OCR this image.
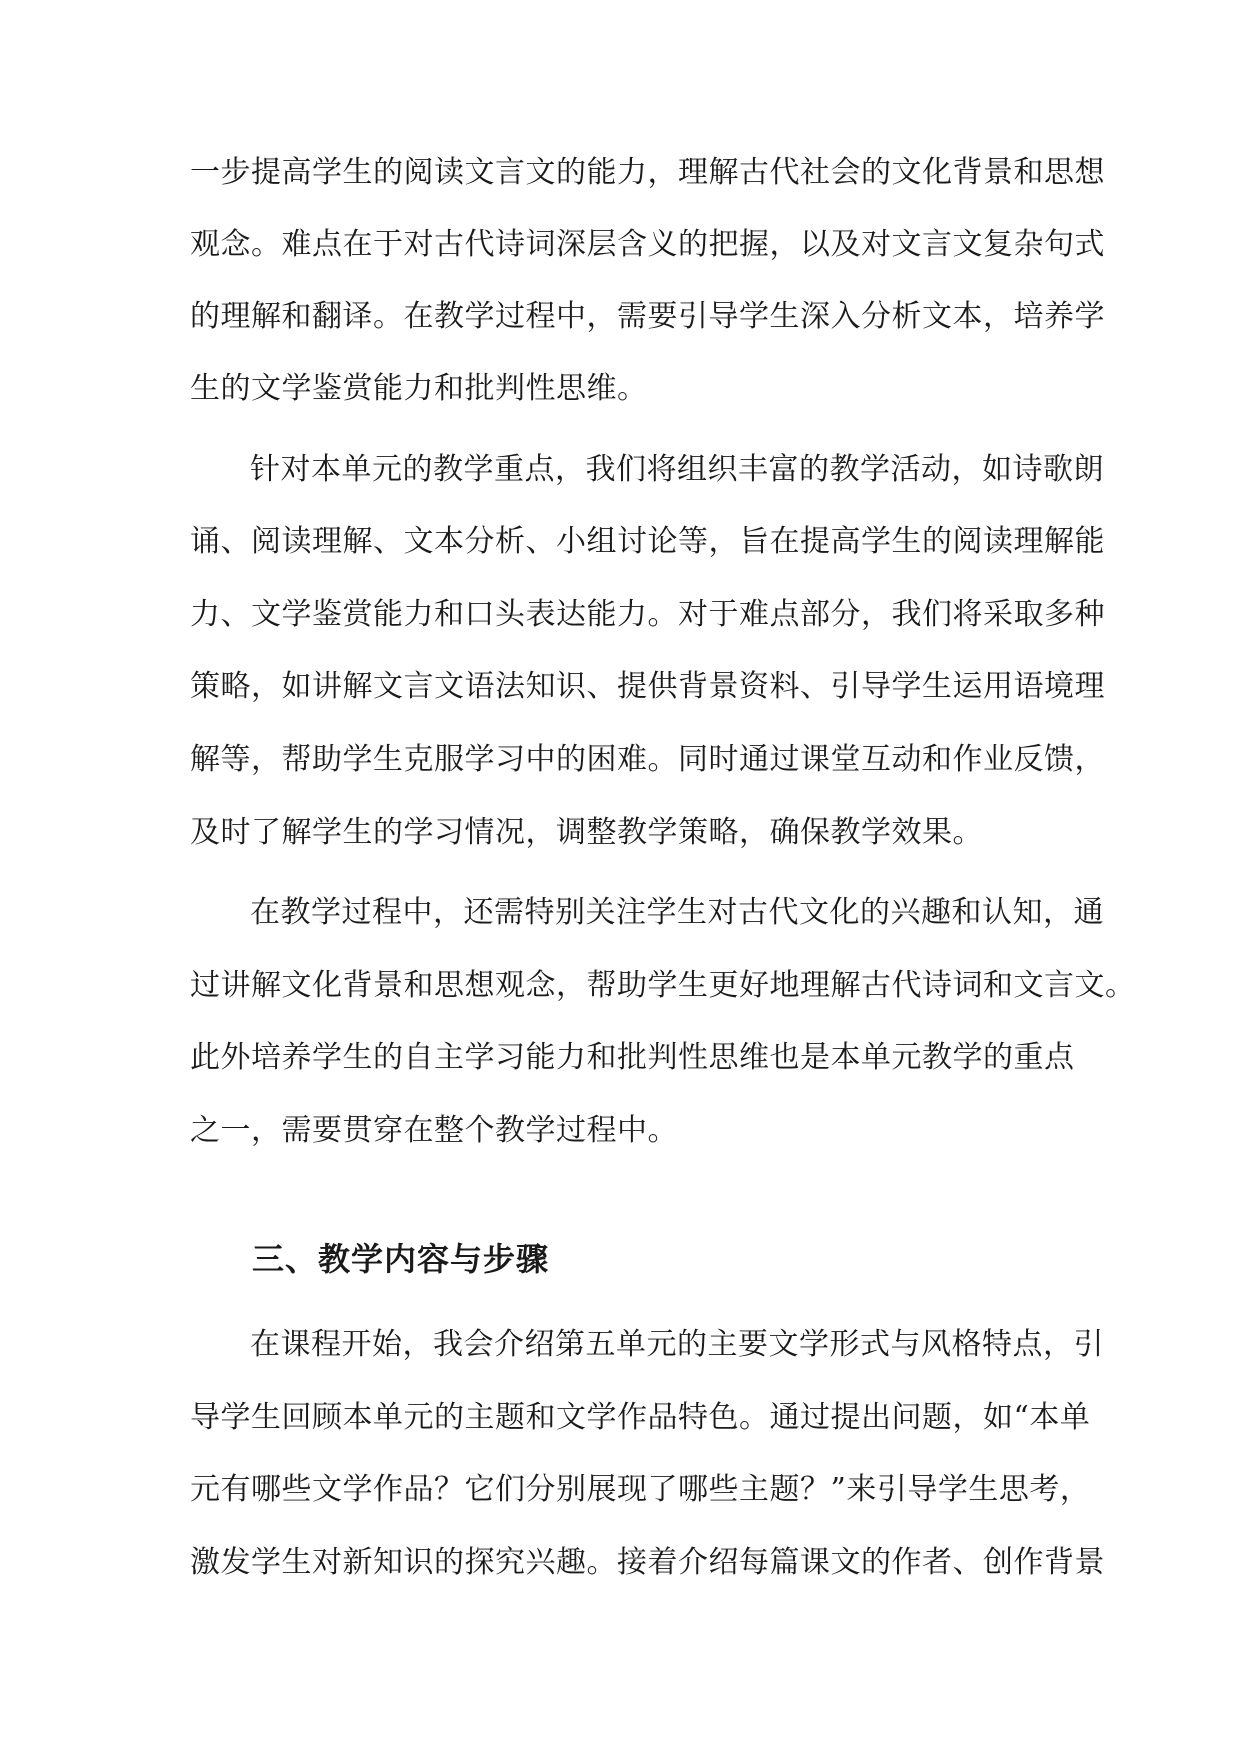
一步提高学生的阅读文言文的能力，理解古代社会的文化背景和思想
观念。难点在于对古代诗词深层含义的把握，以及对文言文复杂句式
的理解和翻译。在教学过程中，需要引导学生深入分析文本，培养学
生的文学鉴赏能力和批判性思维。
针对本单元的教学重点，我们将组织丰富的教学活动，如诗歌朗
诵、阅读理解、文本分析、小组讨论等，旨在提高学生的阅读理解能
力、文学鉴赏能力和口头表达能力。对于难点部分，我们将采取多种
策略，如讲解文言文语法知识、提供背景资料、引导学生运用语境理
解等，帮助学生克服学习中的困难。同时通过课堂互动和作业反馈，
及时了解学生的学习情况，调整教学策略，确保教学效果。
在教学过程中，还需特别关注学生对古代文化的兴趣和认知，通
过讲解文化背景和思想观念，帮助学生更好地理解古代诗词和文言文。
此外培养学生的自主学习能力和批判性思维也是本单元教学的重点
之一，需要贯穿在整个教学过程中。
三、教学内容与步骤
在课程开始，我会介绍第五单元的主要文学形式与风格特点，引
导学生回顾本单元的主题和文学作品特色。通过提出问题，如“本单
元有哪些文学作品？它们分别展现了哪些主题？”来引导学生思考，
激发学生对新知识的探究兴趣。接着介绍每篇课文的作者、创作背景
